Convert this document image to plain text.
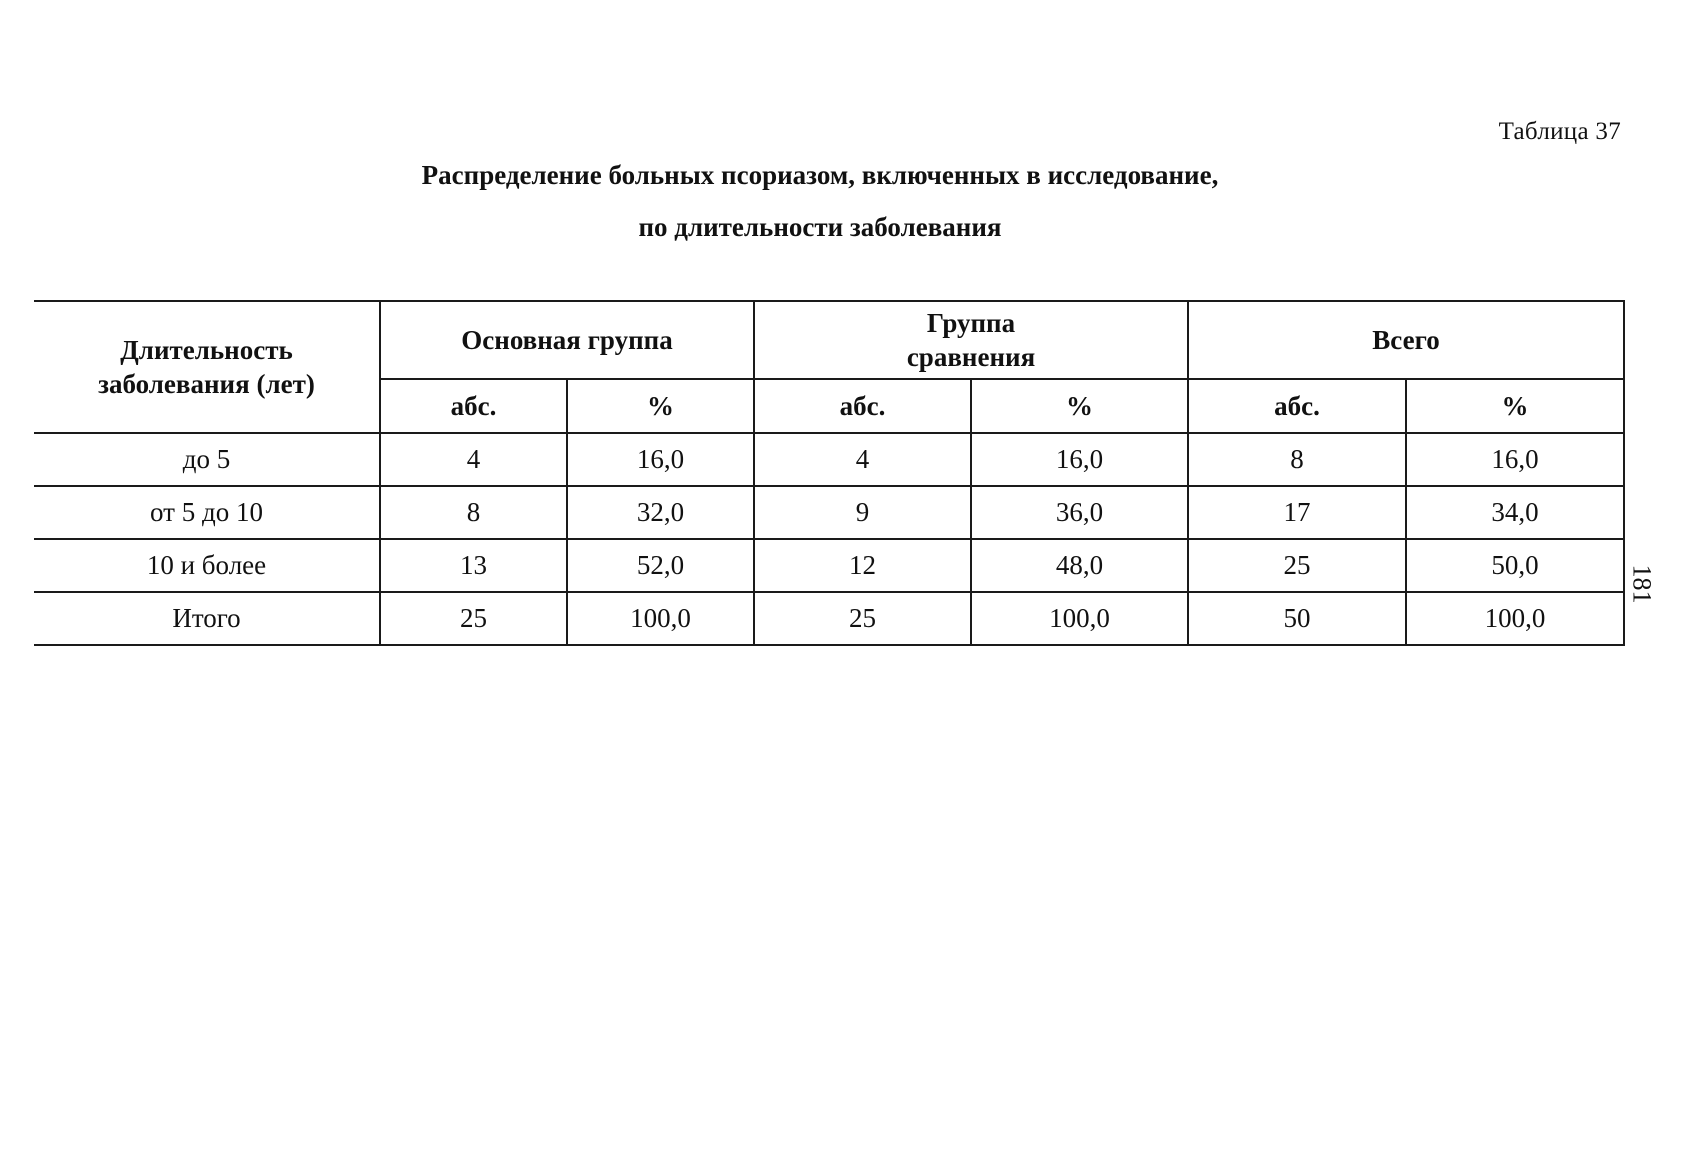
Таблица 37
Распределение больных псориазом, включенных в исследование,
по длительности заболевания
Длительность заболевания (лет)	Основная группа		Группа сравнения		Всего	
	абс.	%	абс.	%	абс.	%
до 5	4	16,0	4	16,0	8	16,0
от 5 до 10	8	32,0	9	36,0	17	34,0
10 и более	13	52,0	12	48,0	25	50,0
Итого	25	100,0	25	100,0	50	100,0
181
